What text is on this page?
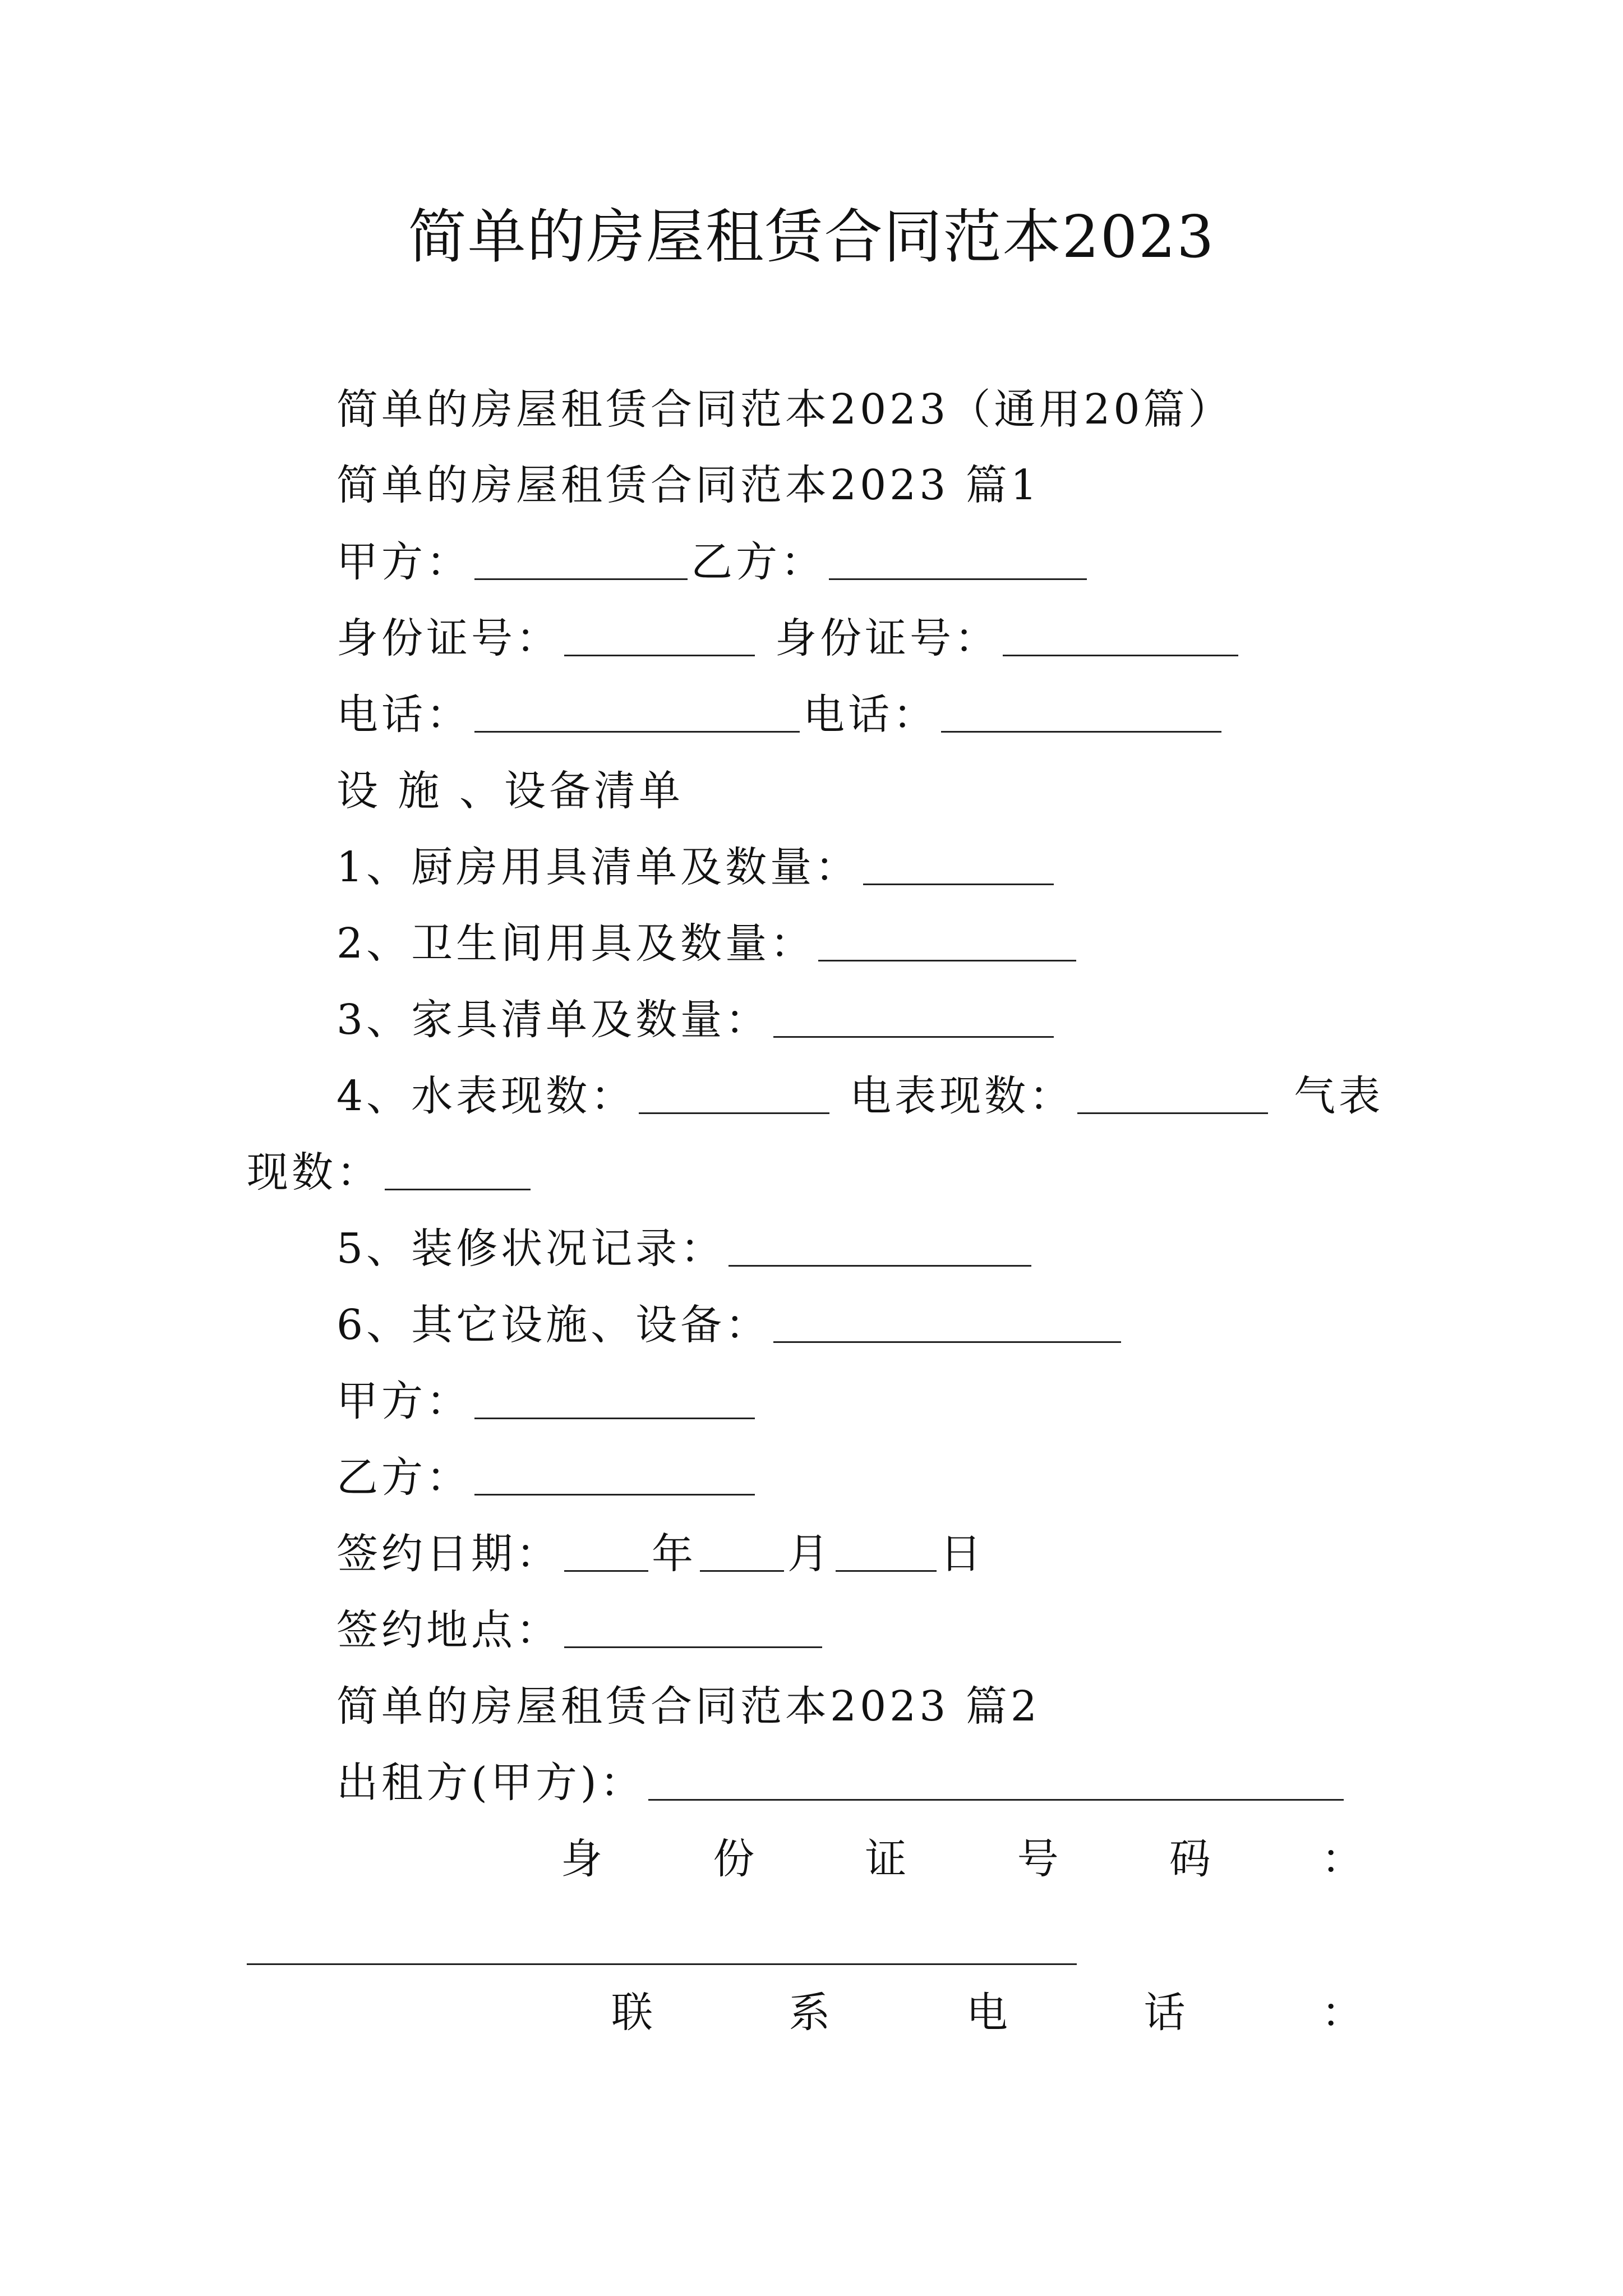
简单的房屋租赁合同范本2023
简单的房屋租赁合同范本2023（通用20篇）
简单的房屋租赁合同范本2023 篇1
甲方：	乙方：
身份证号：	身份证号：
电话：	电话：
设 施 、设备清单
1、厨房用具清单及数量：
2、卫生间用具及数量：
3、家具清单及数量：
4、水表现数：	电表现数：	气表
现数：
5、装修状况记录：
6、其它设施、设备：
甲方：
乙方：
签约日期： 年 月	日
签约地点：
简单的房屋租赁合同范本2023 篇2
出租方(甲方)：
身	份	证	号	码	：
联	系	电	话	：
